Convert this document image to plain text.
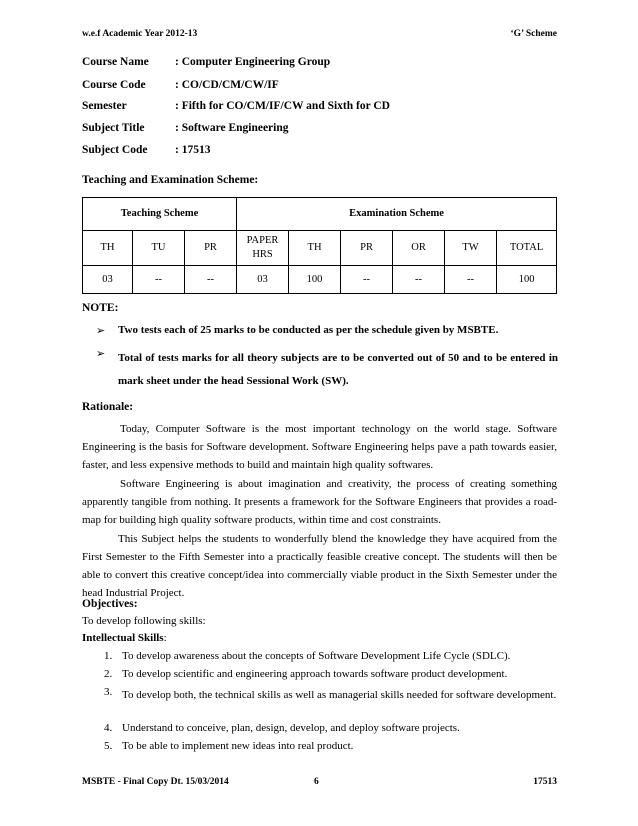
w.e.f Academic Year 2012-13	‘G’ Scheme
Course Name : Computer Engineering Group
Course Code	: CO/CD/CM/CW/IF
Semester	: Fifth for CO/CM/IF/CW and Sixth for CD
Subject Title	: Software Engineering
Subject Code : 17513
Teaching and Examination Scheme:
Teaching Scheme			Examination Scheme					
TH	TU	PR	PAPER HRS	TH	PR	OR	TW	TOTAL
03	--	--	03	100	--	--	--	100
NOTE:
➢ Two tests each of 25 marks to be conducted as per the schedule given by MSBTE.
➢ Total of tests marks for all theory subjects are to be converted out of 50 and to be entered in mark sheet under the head Sessional Work (SW).
Rationale:
Today, Computer Software is the most important technology on the world stage. Software Engineering is the basis for Software development. Software Engineering helps pave a path towards easier, faster, and less expensive methods to build and maintain high quality softwares.
Software Engineering is about imagination and creativity, the process of creating something apparently tangible from nothing. It presents a framework for the Software Engineers that provides a road-map for building high quality software products, within time and cost constraints.
This Subject helps the students to wonderfully blend the knowledge they have acquired from the First Semester to the Fifth Semester into a practically feasible creative concept. The students will then be able to convert this creative concept/idea into commercially viable product in the Sixth Semester under the head Industrial Project.
Objectives:
To develop following skills:
Intellectual Skills:
1. To develop awareness about the concepts of Software Development Life Cycle (SDLC).
2. To develop scientific and engineering approach towards software product development.
3. To develop both, the technical skills as well as managerial skills needed for software development.
4. Understand to conceive, plan, design, develop, and deploy software projects.
5. To be able to implement new ideas into real product.
MSBTE - Final Copy Dt. 15/03/2014	6	17513
